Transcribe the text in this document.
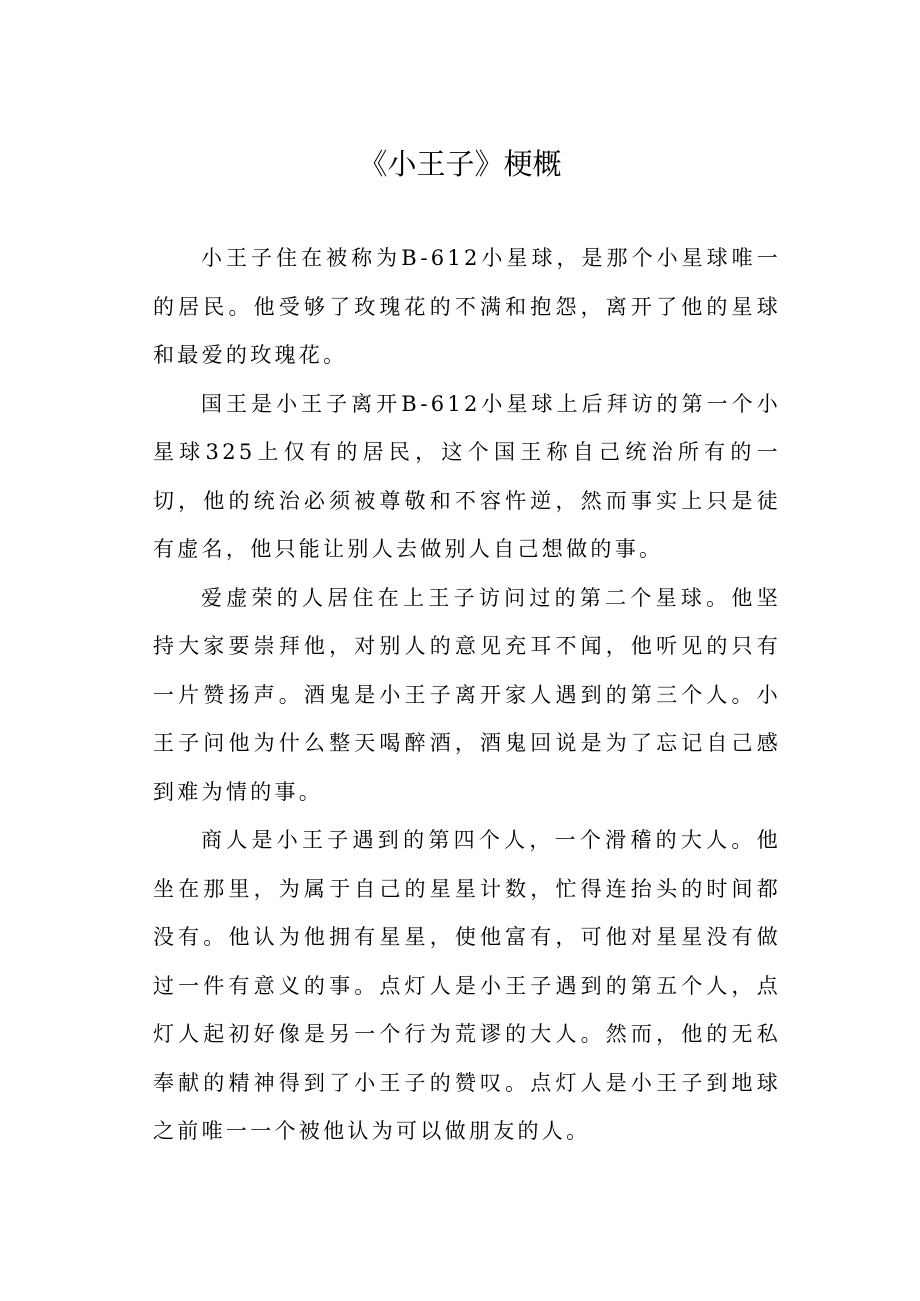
《小王子》梗概

小王子住在被称为B-612小星球，是那个小星球唯一的居民。他受够了玫瑰花的不满和抱怨，离开了他的星球和最爱的玫瑰花。

国王是小王子离开B-612小星球上后拜访的第一个小星球325上仅有的居民，这个国王称自己统治所有的一切，他的统治必须被尊敬和不容忤逆，然而事实上只是徒有虚名，他只能让别人去做别人自己想做的事。

爱虚荣的人居住在上王子访问过的第二个星球。他坚持大家要崇拜他，对别人的意见充耳不闻，他听见的只有一片赞扬声。酒鬼是小王子离开家人遇到的第三个人。小王子问他为什么整天喝醉酒，酒鬼回说是为了忘记自己感到难为情的事。

商人是小王子遇到的第四个人，一个滑稽的大人。他坐在那里，为属于自己的星星计数，忙得连抬头的时间都没有。他认为他拥有星星，使他富有，可他对星星没有做过一件有意义的事。点灯人是小王子遇到的第五个人，点灯人起初好像是另一个行为荒谬的大人。然而，他的无私奉献的精神得到了小王子的赞叹。点灯人是小王子到地球之前唯一一个被他认为可以做朋友的人。
